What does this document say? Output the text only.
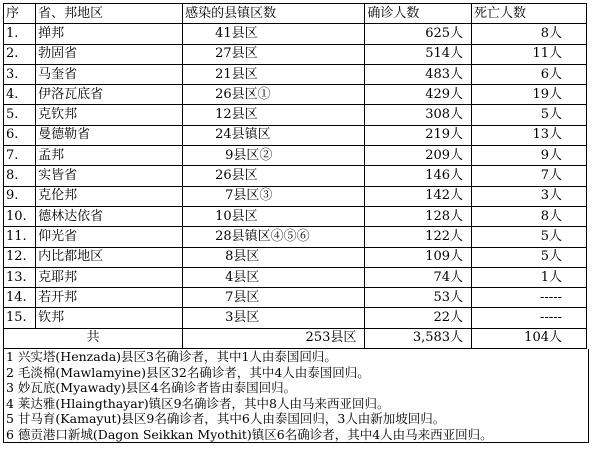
序	省、邦地区	感染的县镇区数	确诊人数	死亡人数
1.	掸邦	41县区	625人	8人
2.	勃固省	27县区	514人	11人
3.	马奎省	21县区	483人	6人
4.	伊洛瓦底省	26县区①	429人	19人
5.	克钦邦	12县区	308人	5人
6.	曼德勒省	24县镇区	219人	13人
7.	孟邦	9县区②	209人	9人
8.	实皆省	26县区	146人	7人
9.	克伦邦	7县区③	142人	3人
10.	德林达依省	10县区	128人	8人
11.	仰光省	28县镇区④⑤⑥	122人	5人
12.	内比都地区	8县区	109人	5人
13.	克耶邦	4县区	74人	1人
14.	若开邦	7县区	53人	-----
15.	钦邦	3县区	22人	-----
共		253县区	3,583人	104人
1 兴实塔(Henzada)县区3名确诊者，其中1人由泰国回归。
2 毛淡棉(Mawlamyine)县区32名确诊者，其中4人由泰国回归。
3 妙瓦底(Myawady)县区4名确诊者皆由泰国回归。
4 莱达雅(Hlaingthayar)镇区9名确诊者，其中8人由马来西亚回归。
5 甘马育(Kamayut)县区9名确诊者，其中6人由泰国回归，3人由新加坡回归。
6 德贡港口新城(Dagon Seikkan Myothit)镇区6名确诊者，其中4人由马来西亚回归。
